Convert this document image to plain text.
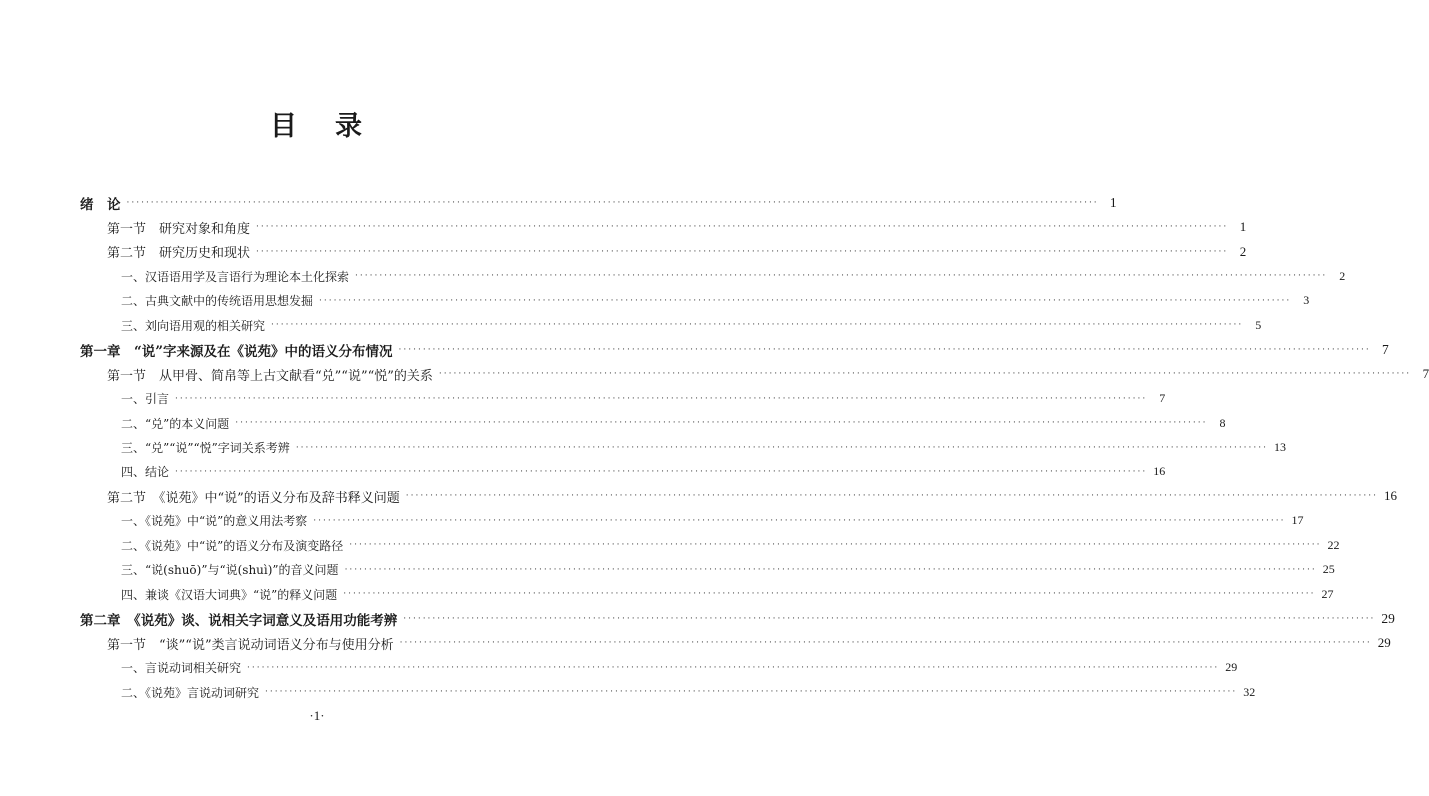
目 录
绪　论 ········································································································································································································ 1
第一节　研究对象和角度 ········································································································································································································ 1
第二节　研究历史和现状 ········································································································································································································ 2
一、汉语语用学及言语行为理论本土化探索 ········································································································································································································	2
二、古典文献中的传统语用思想发掘 ········································································································································································································	3
三、刘向语用观的相关研究 ········································································································································································································	5
第一章　“说”字来源及在《说苑》中的语义分布情况 ········································································································································································································ 7
第一节　从甲骨、简帛等上古文献看“兑”“说”“悦”的关系 ········································································································································································································ 7
一、引言 ········································································································································································································	7
二、“兑”的本义问题 ········································································································································································································	8
三、“兑”“说”“悦”字词关系考辨 ········································································································································································································ 13
四、结论 ········································································································································································································ 16
第二节　《说苑》中“说”的语义分布及辞书释义问题 ········································································································································································································ 16
一、《说苑》中“说”的意义用法考察 ········································································································································································································ 17
二、《说苑》中“说”的语义分布及演变路径 ········································································································································································································ 22
三、“说(shuō)”与“说(shuì)”的音义问题 ········································································································································································································ 25
四、兼谈《汉语大词典》“说”的释义问题 ········································································································································································································ 27
第二章　《说苑》谈、说相关字词意义及语用功能考辨 ········································································································································································································ 29
第一节　“谈”“说”类言说动词语义分布与使用分析 ········································································································································································································ 29
一、言说动词相关研究 ········································································································································································································ 29
二、《说苑》言说动词研究 ········································································································································································································ 32
·1·
